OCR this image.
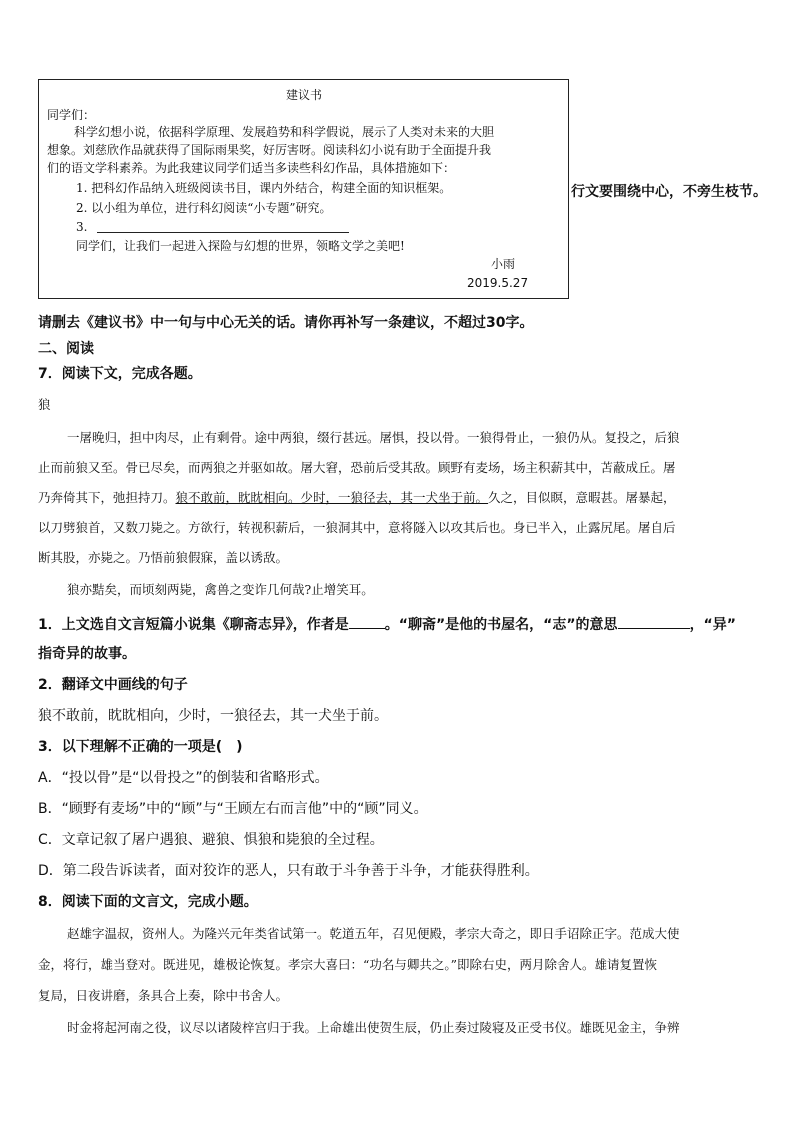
建议书
同学们：
科学幻想小说，依据科学原理、发展趋势和科学假说，展示了人类对未来的大胆
想象。刘慈欣作品就获得了国际雨果奖，好厉害呀。阅读科幻小说有助于全面提升我
们的语文学科素养。为此我建议同学们适当多读些科幻作品，具体措施如下：
1. 把科幻作品纳入班级阅读书目，课内外结合，构建全面的知识框架。
2. 以小组为单位，进行科幻阅读“小专题”研究。
3.
同学们，让我们一起进入探险与幻想的世界，领略文学之美吧!
小雨
2019.5.27
行文要围绕中心，不旁生枝节。
请删去《建议书》中一句与中心无关的话。请你再补写一条建议，不超过30字。
二、阅读
7．阅读下文，完成各题。
狼
一屠晚归，担中肉尽，止有剩骨。途中两狼，缀行甚远。屠惧，投以骨。一狼得骨止，一狼仍从。复投之，后狼
止而前狼又至。骨已尽矣，而两狼之并驱如故。屠大窘，恐前后受其敌。顾野有麦场，场主积薪其中，苫蔽成丘。屠
乃奔倚其下，弛担持刀。狼不敢前，眈眈相向。少时，一狼径去，其一犬坐于前。久之，目似瞑，意暇甚。屠暴起，
以刀劈狼首，又数刀毙之。方欲行，转视积薪后，一狼洞其中，意将隧入以攻其后也。身已半入，止露尻尾。屠自后
断其股，亦毙之。乃悟前狼假寐，盖以诱敌。
狼亦黠矣，而顷刻两毙，禽兽之变诈几何哉?止增笑耳。
1．上文选自文言短篇小说集《聊斋志异》，作者是	。“聊斋”是他的书屋名，“志”的意思	，“异”
指奇异的故事。
2．翻译文中画线的句子
狼不敢前，眈眈相向，少时，一狼径去，其一犬坐于前。
3．以下理解不正确的一项是(　)
A．“投以骨”是“以骨投之”的倒装和省略形式。
B．“顾野有麦场”中的“顾”与“王顾左右而言他”中的“顾”同义。
C．文章记叙了屠户遇狼、避狼、惧狼和毙狼的全过程。
D．第二段告诉读者，面对狡诈的恶人，只有敢于斗争善于斗争，才能获得胜利。
8．阅读下面的文言文，完成小题。
赵雄字温叔，资州人。为隆兴元年类省试第一。乾道五年，召见便殿，孝宗大奇之，即日手诏除正字。范成大使
金，将行，雄当登对。既进见，雄极论恢复。孝宗大喜曰：“功名与卿共之。”即除右史，两月除舍人。雄请复置恢
复局，日夜讲磨，条具合上奏，除中书舍人。
时金将起河南之役，议尽以诸陵梓宫归于我。上命雄出使贺生辰，仍止奏过陵寝及正受书仪。雄既见金主，争辨
